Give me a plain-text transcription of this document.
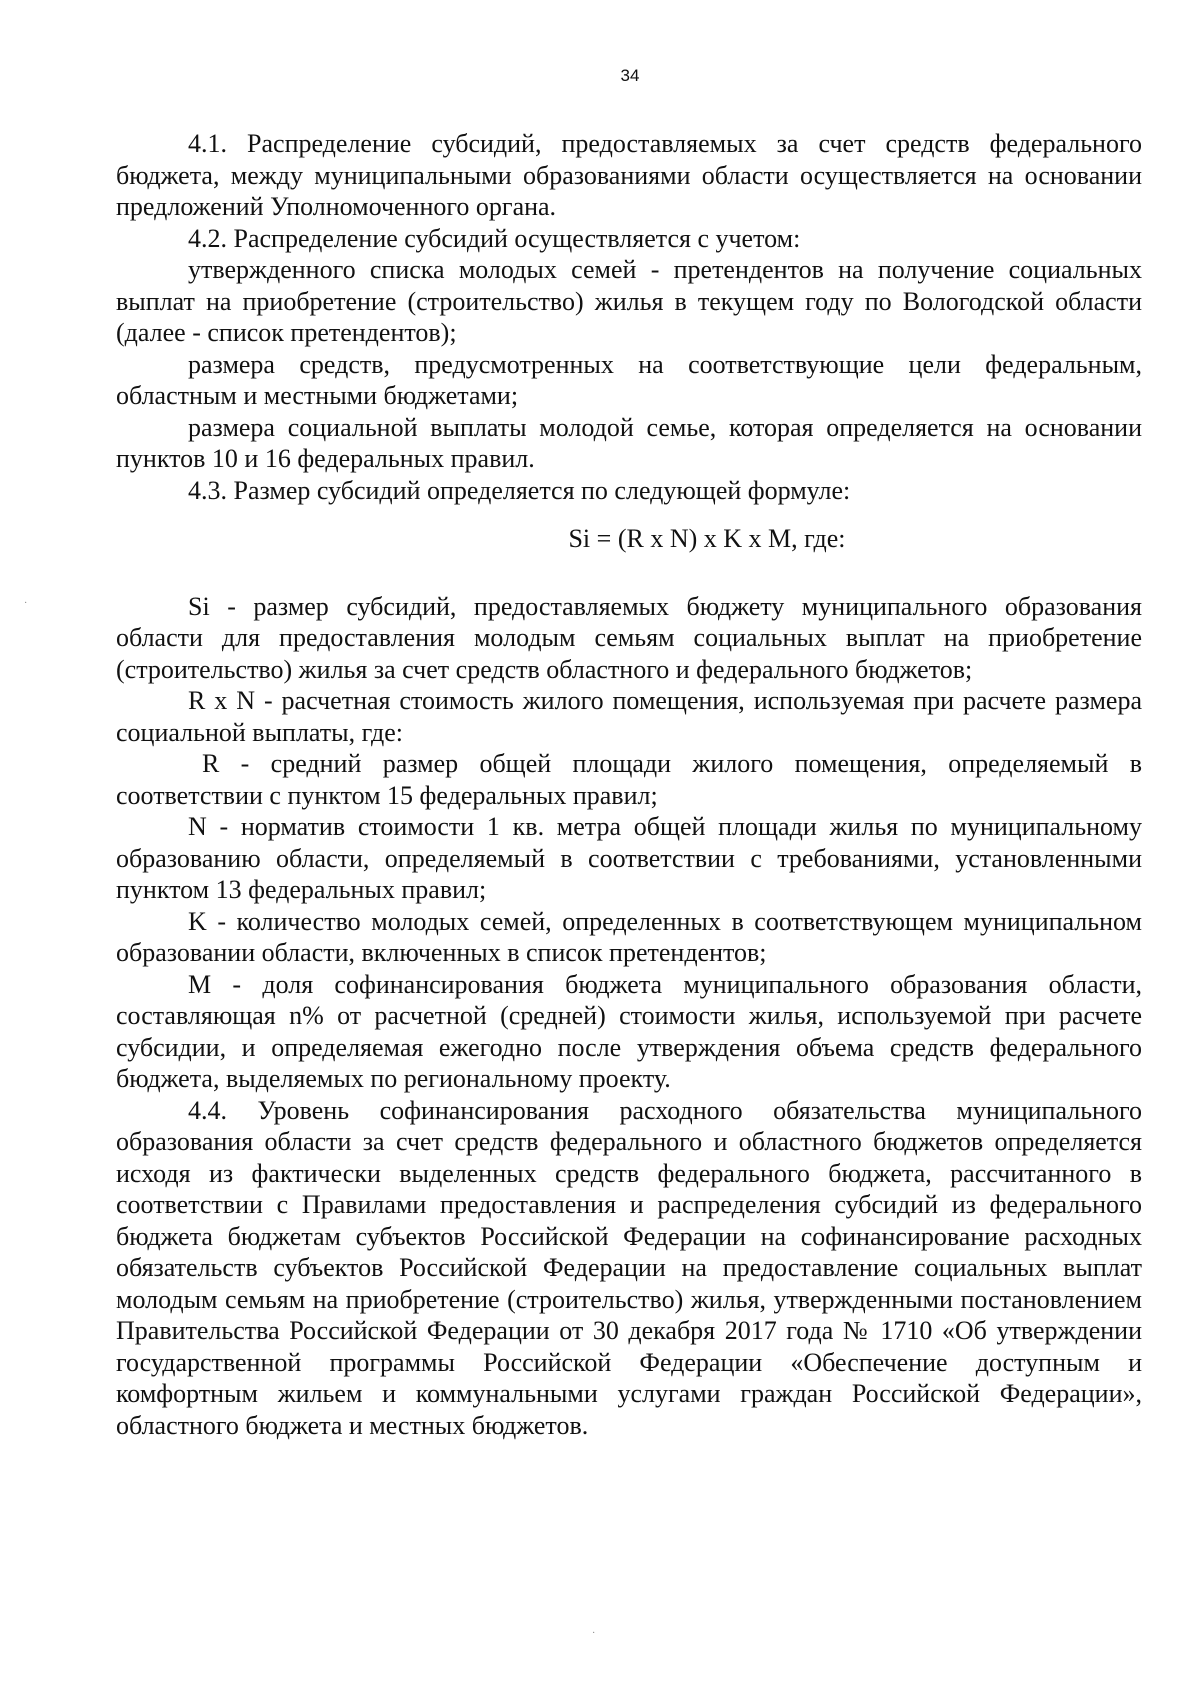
34

4.1. Распределение субсидий, предоставляемых за счет средств федерального бюджета, между муниципальными образованиями области осуществляется на основании предложений Уполномоченного органа.

4.2. Распределение субсидий осуществляется с учетом:

утвержденного списка молодых семей - претендентов на получение социальных выплат на приобретение (строительство) жилья в текущем году по Вологодской области (далее - список претендентов);

размера средств, предусмотренных на соответствующие цели федеральным, областным и местными бюджетами;

размера социальной выплаты молодой семье, которая определяется на основании пунктов 10 и 16 федеральных правил.

4.3. Размер субсидий определяется по следующей формуле:

Si = (R x N) x K x M, где:

Si - размер субсидий, предоставляемых бюджету муниципального образования области для предоставления молодым семьям социальных выплат на приобретение (строительство) жилья за счет средств областного и федерального бюджетов;

R x N - расчетная стоимость жилого помещения, используемая при расчете размера социальной выплаты, где:

R - средний размер общей площади жилого помещения, определяемый в соответствии с пунктом 15 федеральных правил;

N - норматив стоимости 1 кв. метра общей площади жилья по муниципальному образованию области, определяемый в соответствии с требованиями, установленными пунктом 13 федеральных правил;

K - количество молодых семей, определенных в соответствующем муниципальном образовании области, включенных в список претендентов;

M - доля софинансирования бюджета муниципального образования области, составляющая n% от расчетной (средней) стоимости жилья, используемой при расчете субсидии, и определяемая ежегодно после утверждения объема средств федерального бюджета, выделяемых по региональному проекту.

4.4. Уровень софинансирования расходного обязательства муниципального образования области за счет средств федерального и областного бюджетов определяется исходя из фактически выделенных средств федерального бюджета, рассчитанного в соответствии с Правилами предоставления и распределения субсидий из федерального бюджета бюджетам субъектов Российской Федерации на софинансирование расходных обязательств субъектов Российской Федерации на предоставление социальных выплат молодым семьям на приобретение (строительство) жилья, утвержденными постановлением Правительства Российской Федерации от 30 декабря 2017 года № 1710 «Об утверждении государственной программы Российской Федерации «Обеспечение доступным и комфортным жильем и коммунальными услугами граждан Российской Федерации», областного бюджета и местных бюджетов.

·
·
